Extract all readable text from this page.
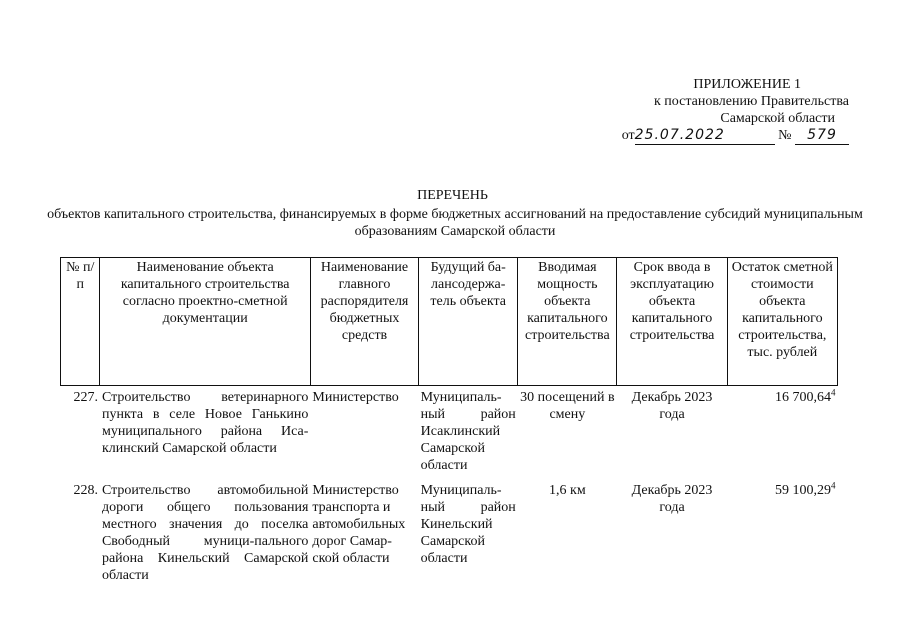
ПРИЛОЖЕНИЕ 1
к постановлению Правительства
Самарской области
от25.07.2022	№ 579
ПЕРЕЧЕНЬ
объектов капитального строительства, финансируемых в форме бюджетных ассигнований на предоставление субсидий муниципальным образованиям Самарской области
№ п/п	Наименование объекта капитального строительства согласно проектно-сметной документации	Наименование главного распорядителя бюджетных средств	Будущий ба-лансодержа-тель объекта	Вводимая мощность объекта капитального строительства	Срок ввода в эксплуатацию объекта капитального строительства	Остаток сметной стоимости объекта капитального строительства, тыс. рублей
227.	Строительство ветеринарного пункта в селе Новое Ганькино муниципального района Иса-клинский Самарской области	Министерство	Муниципаль-ный район Исаклинский Самарской области	30 посещений в смену	Декабрь 2023 года	16 700,64$^4$
228.	Строительство автомобильной дороги общего пользования местного значения до поселка Свободный муници-пального района Кинельский Самарской области	Министерство транспорта и автомобильных дорог Самар-ской области	Муниципаль-ный район Кинельский Самарской области	1,6 км	Декабрь 2023 года	59 100,29$^4$
